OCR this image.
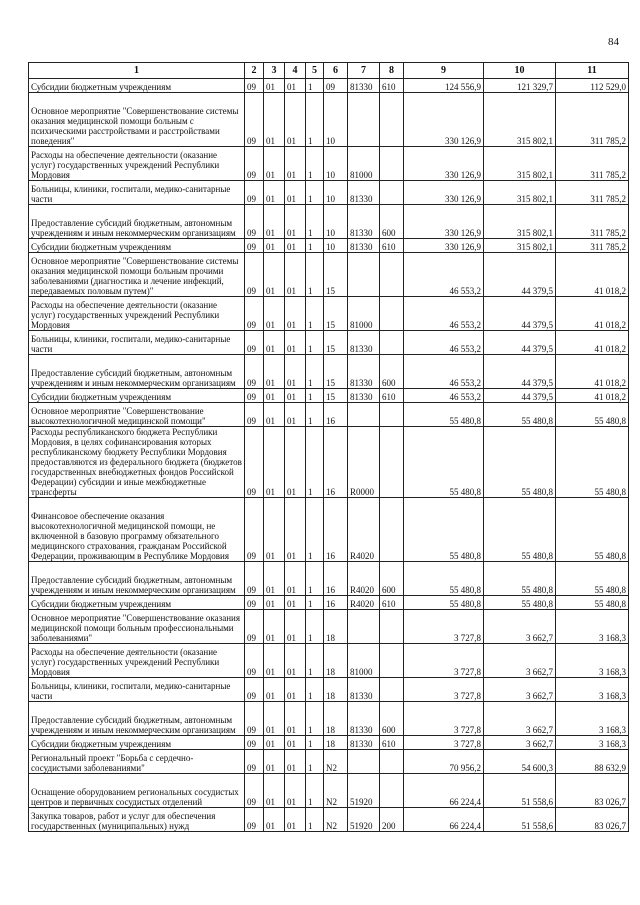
84
1	2	3	4	5	6	7	8	9	10	11
Субсидии бюджетным учреждениям	09	01	01	1	09	81330	610	124 556,9	121 329,7	112 529,0
Основное мероприятие "Совершенствование системы оказания медицинской помощи больным с психическими расстройствами и расстройствами поведения"	09	01	01	1	10			330 126,9	315 802,1	311 785,2
Расходы на обеспечение деятельности (оказание услуг) государственных учреждений Республики Мордовия	09	01	01	1	10	81000		330 126,9	315 802,1	311 785,2
Больницы, клиники, госпитали, медико-санитарные части	09	01	01	1	10	81330		330 126,9	315 802,1	311 785,2
Предоставление субсидий бюджетным, автономным учреждениям и иным некоммерческим организациям	09	01	01	1	10	81330	600	330 126,9	315 802,1	311 785,2
Субсидии бюджетным учреждениям	09	01	01	1	10	81330	610	330 126,9	315 802,1	311 785,2
Основное мероприятие "Совершенствование системы оказания медицинской помощи больным прочими заболеваниями (диагностика и лечение инфекций, передаваемых половым путем)"	09	01	01	1	15			46 553,2	44 379,5	41 018,2
Расходы на обеспечение деятельности (оказание услуг) государственных учреждений Республики Мордовия	09	01	01	1	15	81000		46 553,2	44 379,5	41 018,2
Больницы, клиники, госпитали, медико-санитарные части	09	01	01	1	15	81330		46 553,2	44 379,5	41 018,2
Предоставление субсидий бюджетным, автономным учреждениям и иным некоммерческим организациям	09	01	01	1	15	81330	600	46 553,2	44 379,5	41 018,2
Субсидии бюджетным учреждениям	09	01	01	1	15	81330	610	46 553,2	44 379,5	41 018,2
Основное мероприятие "Совершенствование высокотехнологичной медицинской помощи"	09	01	01	1	16			55 480,8	55 480,8	55 480,8
Расходы республиканского бюджета Республики Мордовия, в целях софинансирования которых республиканскому бюджету Республики Мордовия предоставляются из федерального бюджета (бюджетов государственных внебюджетных фондов Российской Федерации) субсидии и иные межбюджетные трансферты	09	01	01	1	16	R0000		55 480,8	55 480,8	55 480,8
Финансовое обеспечение оказания высокотехнологичной медицинской помощи, не включенной в базовую программу обязательного медицинского страхования, гражданам Российской Федерации, проживающим в Республике Мордовия	09	01	01	1	16	R4020		55 480,8	55 480,8	55 480,8
Предоставление субсидий бюджетным, автономным учреждениям и иным некоммерческим организациям	09	01	01	1	16	R4020	600	55 480,8	55 480,8	55 480,8
Субсидии бюджетным учреждениям	09	01	01	1	16	R4020	610	55 480,8	55 480,8	55 480,8
Основное мероприятие "Совершенствование оказания медицинской помощи больным профессиональными заболеваниями"	09	01	01	1	18			3 727,8	3 662,7	3 168,3
Расходы на обеспечение деятельности (оказание услуг) государственных учреждений Республики Мордовия	09	01	01	1	18	81000		3 727,8	3 662,7	3 168,3
Больницы, клиники, госпитали, медико-санитарные части	09	01	01	1	18	81330		3 727,8	3 662,7	3 168,3
Предоставление субсидий бюджетным, автономным учреждениям и иным некоммерческим организациям	09	01	01	1	18	81330	600	3 727,8	3 662,7	3 168,3
Субсидии бюджетным учреждениям	09	01	01	1	18	81330	610	3 727,8	3 662,7	3 168,3
Региональный проект "Борьба с сердечно-сосудистыми заболеваниями"	09	01	01	1	N2			70 956,2	54 600,3	88 632,9
Оснащение оборудованием региональных сосудистых центров и первичных сосудистых отделений	09	01	01	1	N2	51920		66 224,4	51 558,6	83 026,7
Закупка товаров, работ и услуг для обеспечения государственных (муниципальных) нужд	09	01	01	1	N2	51920	200	66 224,4	51 558,6	83 026,7
